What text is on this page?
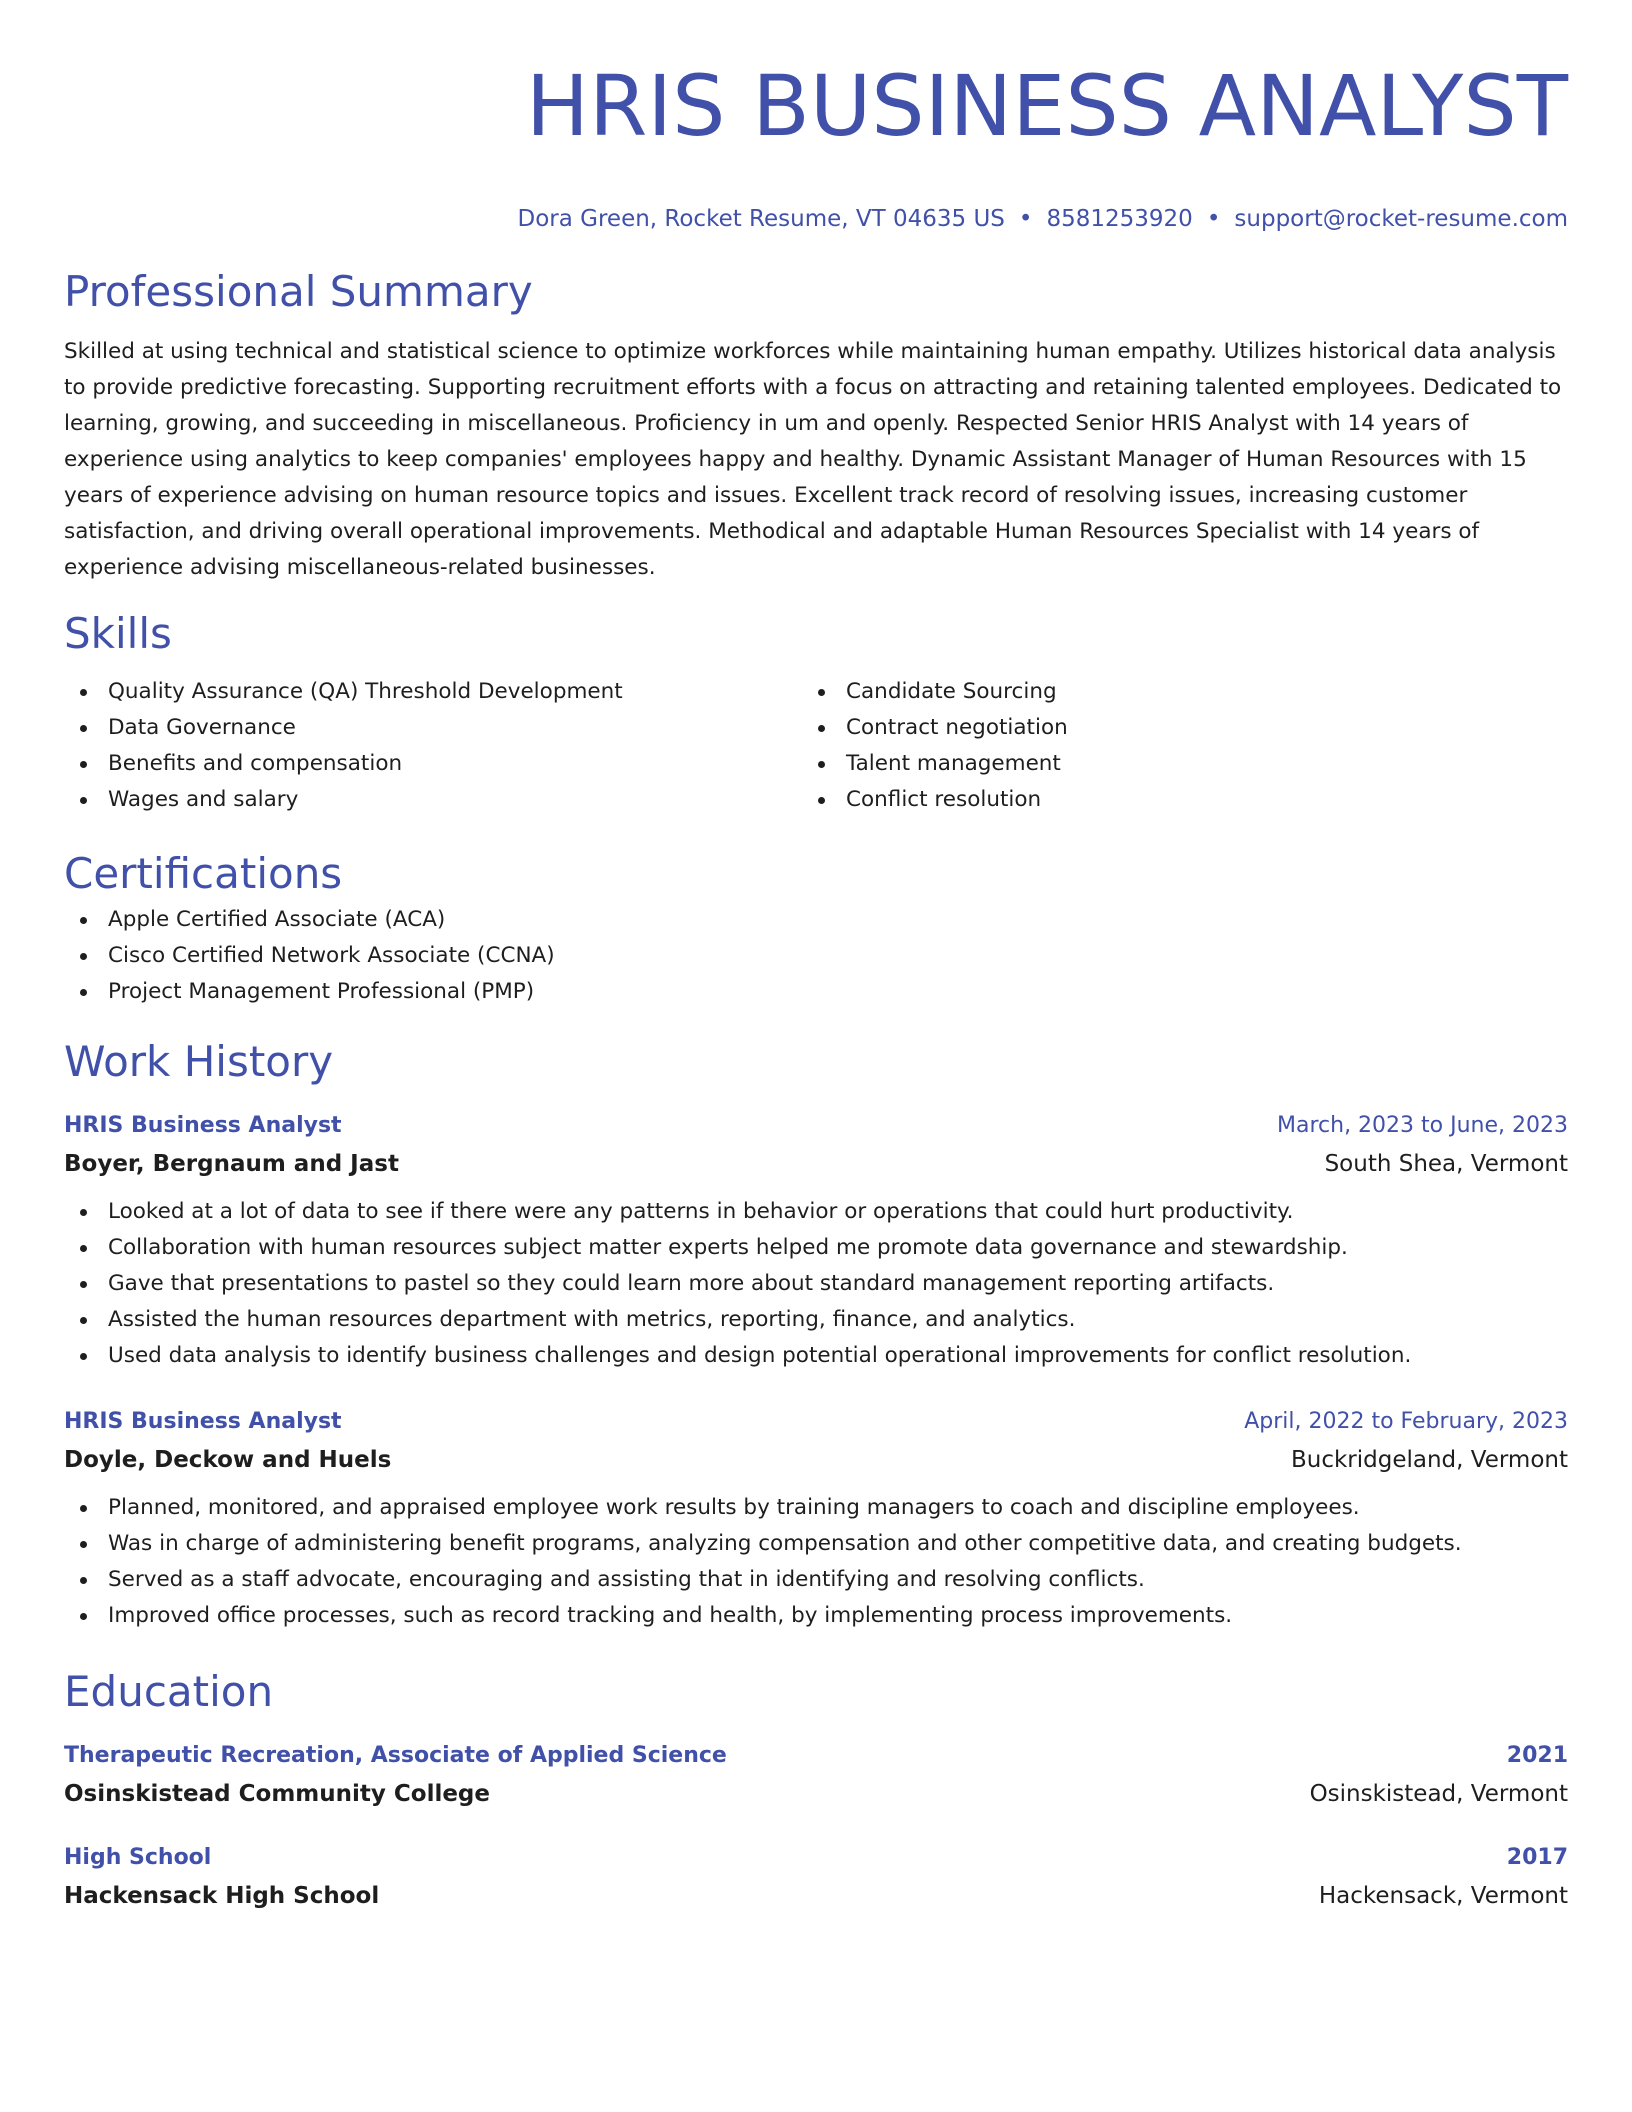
HRIS BUSINESS ANALYST
Dora Green, Rocket Resume, VT 04635 US • 8581253920 • support@rocket-resume.com
Professional Summary

Skilled at using technical and statistical science to optimize workforces while maintaining human empathy. Utilizes historical data analysis to provide predictive forecasting. Supporting recruitment efforts with a focus on attracting and retaining talented employees. Dedicated to learning, growing, and succeeding in miscellaneous. Proficiency in um and openly. Respected Senior HRIS Analyst with 14 years of experience using analytics to keep companies' employees happy and healthy. Dynamic Assistant Manager of Human Resources with 15 years of experience advising on human resource topics and issues. Excellent track record of resolving issues, increasing customer satisfaction, and driving overall operational improvements. Methodical and adaptable Human Resources Specialist with 14 years of experience advising miscellaneous-related businesses.

Skills
Quality Assurance (QA) Threshold Development
Data Governance
Benefits and compensation
Wages and salary
Candidate Sourcing
Contract negotiation
Talent management
Conflict resolution
Certifications
Apple Certified Associate (ACA)
Cisco Certified Network Associate (CCNA)
Project Management Professional (PMP)
Work History
HRIS Business Analyst	March, 2023 to June, 2023
Boyer, Bergnaum and Jast	South Shea, Vermont
Looked at a lot of data to see if there were any patterns in behavior or operations that could hurt productivity.
Collaboration with human resources subject matter experts helped me promote data governance and stewardship.
Gave that presentations to pastel so they could learn more about standard management reporting artifacts.
Assisted the human resources department with metrics, reporting, finance, and analytics.
Used data analysis to identify business challenges and design potential operational improvements for conflict resolution.
HRIS Business Analyst	April, 2022 to February, 2023
Doyle, Deckow and Huels	Buckridgeland, Vermont
Planned, monitored, and appraised employee work results by training managers to coach and discipline employees.
Was in charge of administering benefit programs, analyzing compensation and other competitive data, and creating budgets.
Served as a staff advocate, encouraging and assisting that in identifying and resolving conflicts.
Improved office processes, such as record tracking and health, by implementing process improvements.
Education
Therapeutic Recreation, Associate of Applied Science	2021
Osinskistead Community College	Osinskistead, Vermont
High School	2017
Hackensack High School	Hackensack, Vermont
